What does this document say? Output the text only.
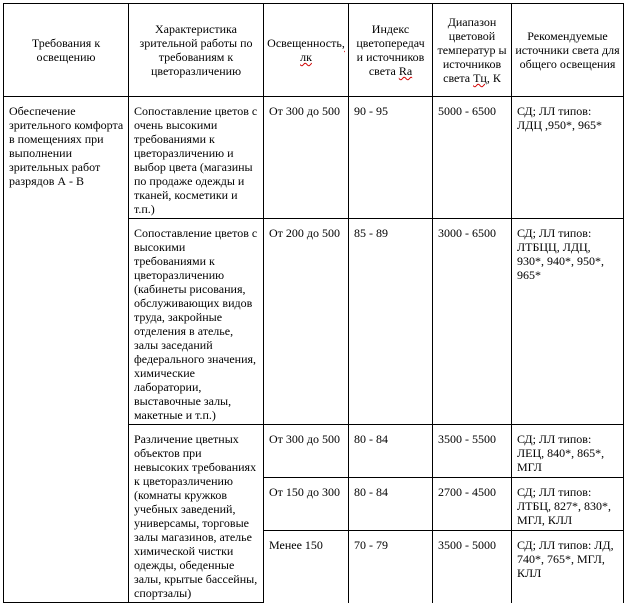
Требования к освещению	Характеристика зрительной работы по требованиям к цветоразличению	Освещенность, лк	Индекс цветопередач и источников света Ra	Диапазон цветовой температур ы источников света Тц, К	Рекомендуемые источники света для общего освещения

Обеспечение зрительного комфорта в помещениях при выполнении зрительных работ разрядов А - В	Сопоставление цветов с очень высокими требованиями к цветоразличению и выбор цвета (магазины по продаже одежды и тканей, косметики и т.п.)	От 300 до 500	90 - 95	5000 - 6500	СД; ЛЛ типов: ЛДЦ ,950*, 965*

	Сопоставление цветов с высокими требованиями к цветоразличению (кабинеты рисования, обслуживающих видов труда, закройные отделения в ателье, залы заседаний федерального значения, химические лаборатории, выставочные залы, макетные и т.п.)	От 200 до 500	85 - 89	3000 - 6500	СД; ЛЛ типов: ЛТБЦЦ, ЛДЦ, 930*, 940*, 950*, 965*

	Различение цветных объектов при невысоких требованиях к цветоразличению (комнаты кружков учебных заведений, универсамы, торговые залы магазинов, ателье химической чистки одежды, обеденные залы, крытые бассейны, спортзалы)	От 300 до 500	80 - 84	3500 - 5500	СД; ЛЛ типов: ЛЕЦ, 840*, 865*, МГЛ

		От 150 до 300	80 - 84	2700 - 4500	СД; ЛЛ типов: ЛТБЦ, 827*, 830*, МГЛ, КЛЛ

		Менее 150	70 - 79	3500 - 5000	СД; ЛЛ типов: ЛД, 740*, 765*, МГЛ, КЛЛ
